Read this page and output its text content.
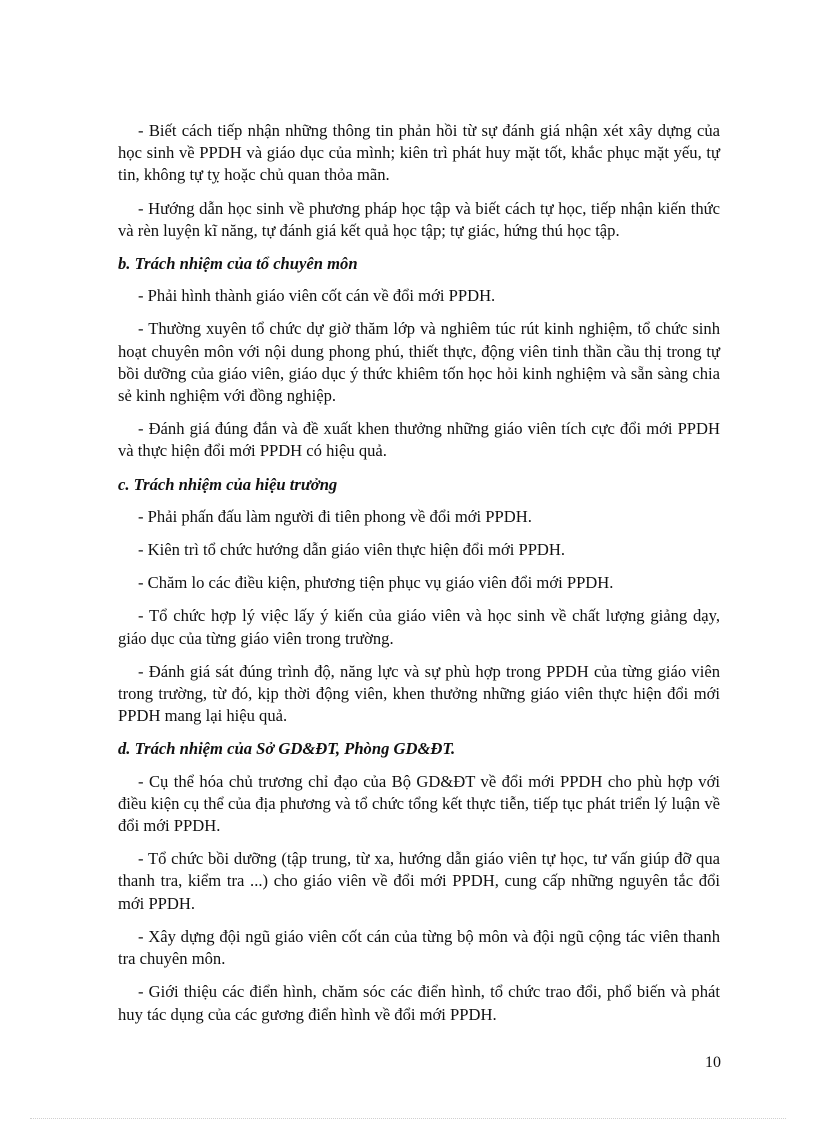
- Biết cách tiếp nhận những thông tin phản hồi từ sự đánh giá nhận xét xây dựng của học sinh về PPDH và giáo dục của mình; kiên trì phát huy mặt tốt, khắc phục mặt yếu, tự tin, không tự tỵ hoặc chủ quan thỏa mãn.

- Hướng dẫn học sinh về phương pháp học tập và biết cách tự học, tiếp nhận kiến thức và rèn luyện kĩ năng, tự đánh giá kết quả học tập; tự giác, hứng thú học tập.

b. Trách nhiệm của tổ chuyên môn

- Phải hình thành giáo viên cốt cán về đổi mới PPDH.

- Thường xuyên tổ chức dự giờ thăm lớp và nghiêm túc rút kinh nghiệm, tổ chức sinh hoạt chuyên môn với nội dung phong phú, thiết thực, động viên tinh thần cầu thị trong tự bồi dưỡng của giáo viên, giáo dục ý thức khiêm tốn học hỏi kinh nghiệm và sẵn sàng chia sẻ kinh nghiệm với đồng nghiệp.

- Đánh giá đúng đắn và đề xuất khen thưởng những giáo viên tích cực đổi mới PPDH và thực hiện đổi mới PPDH có hiệu quả.

c. Trách nhiệm của hiệu trưởng

- Phải phấn đấu làm người đi tiên phong về đổi mới PPDH.

- Kiên trì tổ chức hướng dẫn giáo viên thực hiện đổi mới PPDH.

- Chăm lo các điều kiện, phương tiện phục vụ giáo viên đổi mới PPDH.

- Tổ chức hợp lý việc lấy ý kiến của giáo viên và học sinh về chất lượng giảng dạy, giáo dục của từng giáo viên trong trường.

- Đánh giá sát đúng trình độ, năng lực và sự phù hợp trong PPDH của từng giáo viên trong trường, từ đó, kịp thời động viên, khen thưởng những giáo viên thực hiện đổi mới PPDH mang lại hiệu quả.

d. Trách nhiệm của Sở GD&ĐT, Phòng GD&ĐT.

- Cụ thể hóa chủ trương chỉ đạo của Bộ GD&ĐT về đổi mới PPDH cho phù hợp với điều kiện cụ thể của địa phương và tổ chức tổng kết thực tiễn, tiếp tục phát triển lý luận về đổi mới PPDH.

- Tổ chức bồi dưỡng (tập trung, từ xa, hướng dẫn giáo viên tự học, tư vấn giúp đỡ qua thanh tra, kiểm tra ...) cho giáo viên về đổi mới PPDH, cung cấp những nguyên tắc đổi mới PPDH.

- Xây dựng đội ngũ giáo viên cốt cán của từng bộ môn và đội ngũ cộng tác viên thanh tra chuyên môn.

- Giới thiệu các điển hình, chăm sóc các điển hình, tổ chức trao đổi, phổ biến và phát huy tác dụng của các gương điển hình về đổi mới PPDH.

10
